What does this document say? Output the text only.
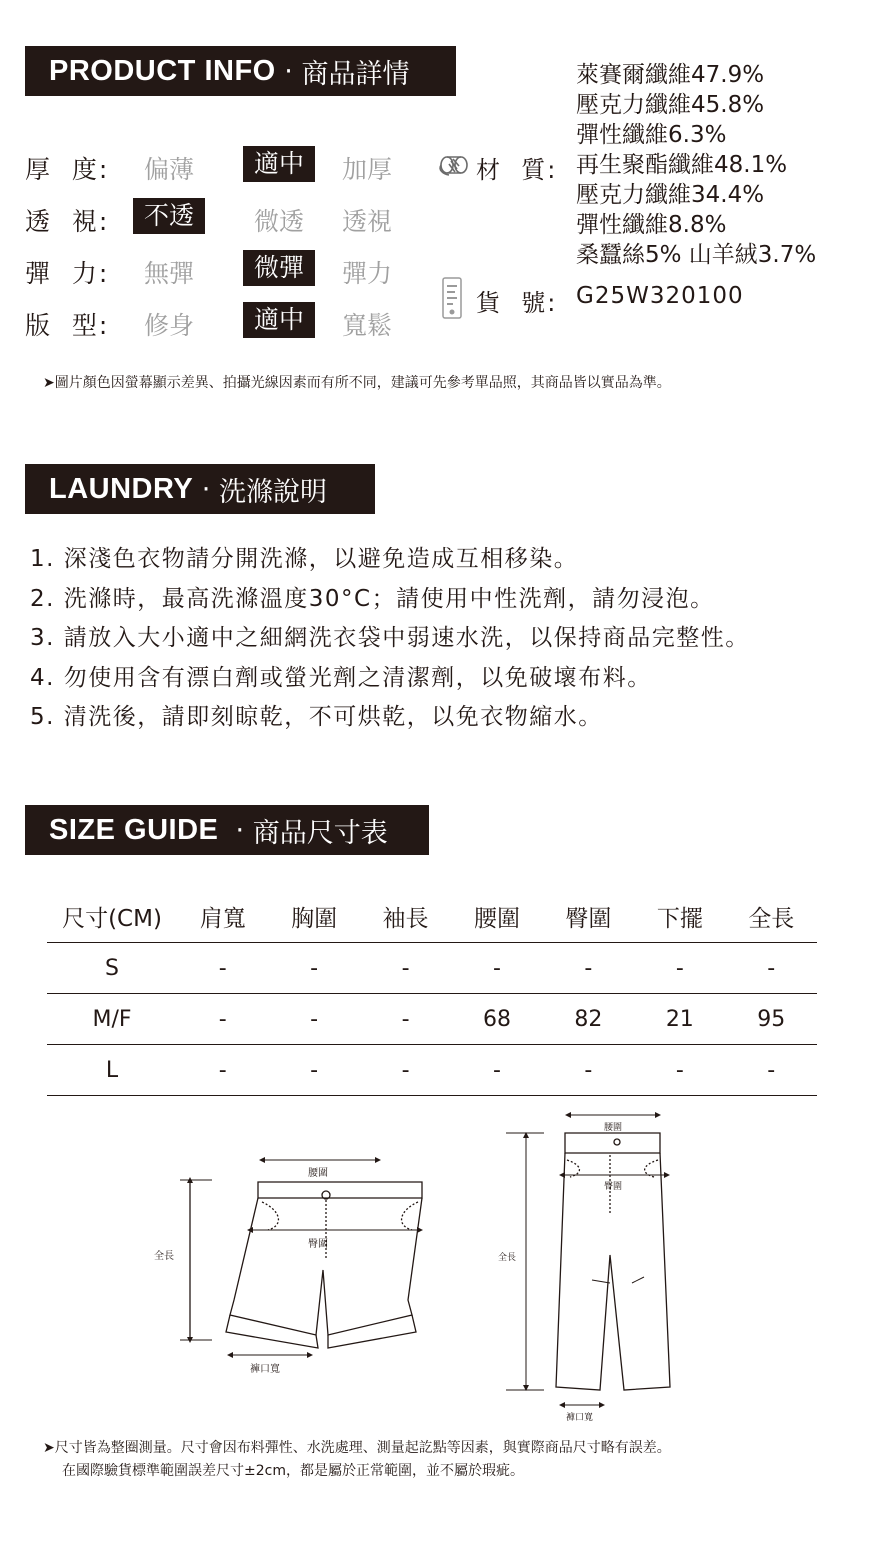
PRODUCT INFO · 商品詳情
厚  度:	偏薄	適中	加厚
透  視:	不透	微透	透視
彈  力:	無彈	微彈	彈力
版  型:	修身	適中	寬鬆
材  質:
萊賽爾纖維47.9%
壓克力纖維45.8%
彈性纖維6.3%
再生聚酯纖維48.1%
壓克力纖維34.4%
彈性纖維8.8%
桑蠶絲5% 山羊絨3.7%
貨  號: G25W320100
➤圖片顏色因螢幕顯示差異、拍攝光線因素而有所不同，建議可先參考單品照，其商品皆以實品為準。
LAUNDRY · 洗滌說明
1. 深淺色衣物請分開洗滌，以避免造成互相移染。
2. 洗滌時，最高洗滌溫度30°C；請使用中性洗劑，請勿浸泡。
3. 請放入大小適中之細網洗衣袋中弱速水洗，以保持商品完整性。
4. 勿使用含有漂白劑或螢光劑之清潔劑，以免破壞布料。
5. 清洗後，請即刻晾乾，不可烘乾，以免衣物縮水。
SIZE GUIDE · 商品尺寸表
尺寸(CM)	肩寬	胸圍	袖長	腰圍	臀圍	下擺	全長
S	-	-	-	-	-	-	-
M/F	-	-	-	68	82	21	95
L	-	-	-	-	-	-	-
腰圍
臀圍
全長
褲口寬
腰圍
臀圍
全長
褲口寬
➤尺寸皆為整圈測量。尺寸會因布料彈性、水洗處理、測量起訖點等因素，與實際商品尺寸略有誤差。
在國際驗貨標準範圍誤差尺寸±2cm，都是屬於正常範圍，並不屬於瑕疵。
